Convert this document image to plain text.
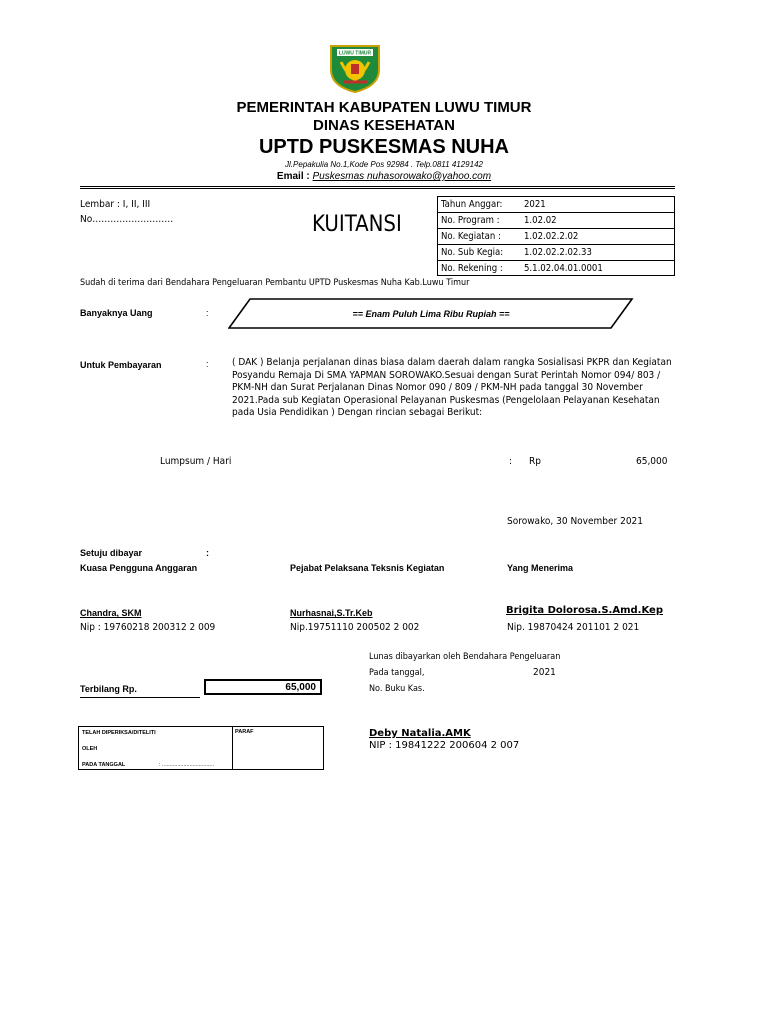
LUWU TIMUR
PEMERINTAH KABUPATEN LUWU TIMUR
DINAS KESEHATAN
UPTD PUSKESMAS NUHA
Jl.Pepakulia No.1,Kode Pos 92984 . Telp.0811 4129142
Email : Puskesmas nuhasorowako@yahoo.com
Lembar : I, II, III
No………………………	KUITANSI
Tahun Anggar: 2021
No. Program :	1.02.02
No. Kegiatan : 1.02.02.2.02
No. Sub Kegia: 1.02.02.2.02.33
No. Rekening : 5.1.02.04.01.0001
Sudah di terima dari Bendahara Pengeluaran Pembantu UPTD Puskesmas Nuha Kab.Luwu Timur
Banyaknya Uang	:	== Enam Puluh Lima Ribu Rupiah ==
Untuk Pembayaran	: ( DAK ) Belanja perjalanan dinas biasa dalam daerah dalam rangka Sosialisasi PKPR dan Kegiatan Posyandu Remaja Di SMA YAPMAN SOROWAKO.Sesuai dengan Surat Perintah Nomor 094/ 803 / PKM-NH dan Surat Perjalanan Dinas Nomor 090 / 809 / PKM-NH pada tanggal 30 November 2021.Pada sub Kegiatan Operasional Pelayanan Puskesmas (Pengelolaan Pelayanan Kesehatan pada Usia Pendidikan ) Dengan rincian sebagai Berikut:
Lumpsum / Hari	: Rp	65,000
Sorowako, 30 November 2021
Setuju dibayar	:
Kuasa Pengguna Anggaran	Pejabat Pelaksana Teksnis Kegiatan	Yang Menerima
Chandra, SKM	Nurhasnai,S.Tr.Keb	Brigita Dolorosa.S.Amd.Kep
Nip : 19760218 200312 2 009	Nip.19751110 200502 2 002	Nip. 19870424 201101 2 021
Lunas dibayarkan oleh Bendahara Pengeluaran
Pada tanggal,	2021
No. Buku Kas.
Terbilang Rp.	65,000
TELAH DIPERIKSA/DITELITI	PARAF
OLEH
PADA TANGGAL	: ..................................
Deby Natalia.AMK
NIP : 19841222 200604 2 007
